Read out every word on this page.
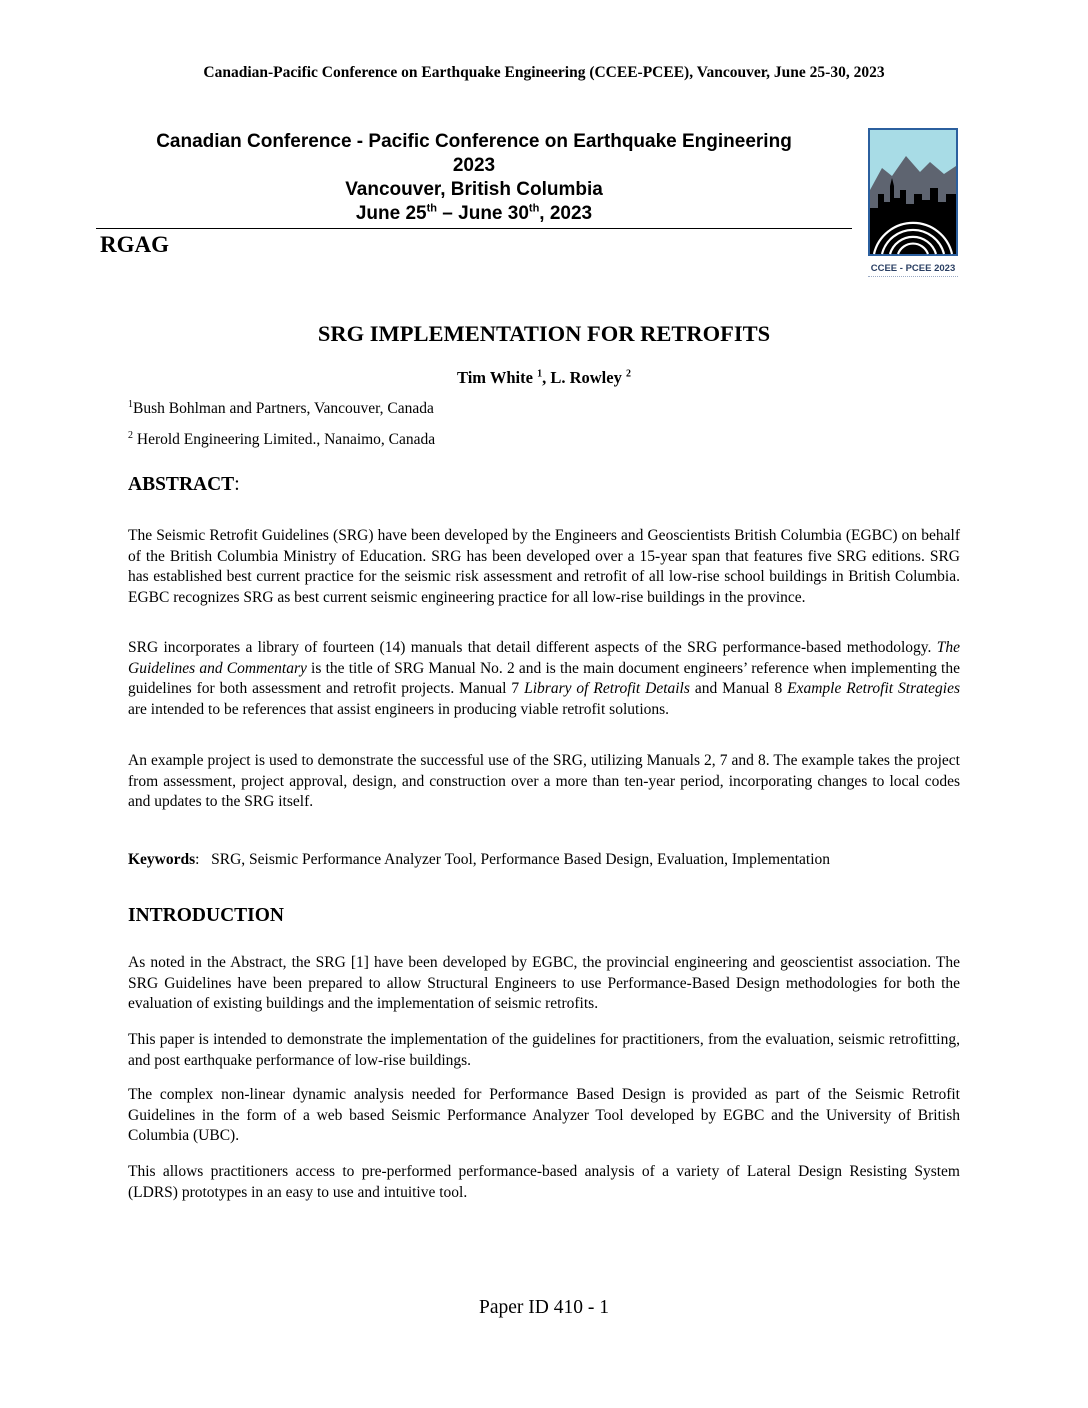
Canadian-Pacific Conference on Earthquake Engineering (CCEE-PCEE), Vancouver, June 25-30, 2023
Canadian Conference - Pacific Conference on Earthquake Engineering
2023
Vancouver, British Columbia
June 25th – June 30th, 2023
RGAG
CCEE - PCEE 2023
SRG IMPLEMENTATION FOR RETROFITS
Tim White $^1$, L. Rowley $^2$
$^1$Bush Bohlman and Partners, Vancouver, Canada
$^2$ Herold Engineering Limited., Nanaimo, Canada
ABSTRACT:

The Seismic Retrofit Guidelines (SRG) have been developed by the Engineers and Geoscientists British Columbia (EGBC) on behalf of the British Columbia Ministry of Education. SRG has been developed over a 15-year span that features five SRG editions. SRG has established best current practice for the seismic risk assessment and retrofit of all low-rise school buildings in British Columbia. EGBC recognizes SRG as best current seismic engineering practice for all low-rise buildings in the province.

SRG incorporates a library of fourteen (14) manuals that detail different aspects of the SRG performance-based methodology. The Guidelines and Commentary is the title of SRG Manual No. 2 and is the main document engineers’ reference when implementing the guidelines for both assessment and retrofit projects. Manual 7 Library of Retrofit Details and Manual 8 Example Retrofit Strategies are intended to be references that assist engineers in producing viable retrofit solutions.

An example project is used to demonstrate the successful use of the SRG, utilizing Manuals 2, 7 and 8. The example takes the project from assessment, project approval, design, and construction over a more than ten-year period, incorporating changes to local codes and updates to the SRG itself.

Keywords:   SRG, Seismic Performance Analyzer Tool, Performance Based Design, Evaluation, Implementation
INTRODUCTION

As noted in the Abstract, the SRG [1] have been developed by EGBC, the provincial engineering and geoscientist association. The SRG Guidelines have been prepared to allow Structural Engineers to use Performance-Based Design methodologies for both the evaluation of existing buildings and the implementation of seismic retrofits.

This paper is intended to demonstrate the implementation of the guidelines for practitioners, from the evaluation, seismic retrofitting, and post earthquake performance of low-rise buildings.

The complex non-linear dynamic analysis needed for Performance Based Design is provided as part of the Seismic Retrofit Guidelines in the form of a web based Seismic Performance Analyzer Tool developed by EGBC and the University of British Columbia (UBC).

This allows practitioners access to pre-performed performance-based analysis of a variety of Lateral Design Resisting System (LDRS) prototypes in an easy to use and intuitive tool.

Paper ID 410 - 1
